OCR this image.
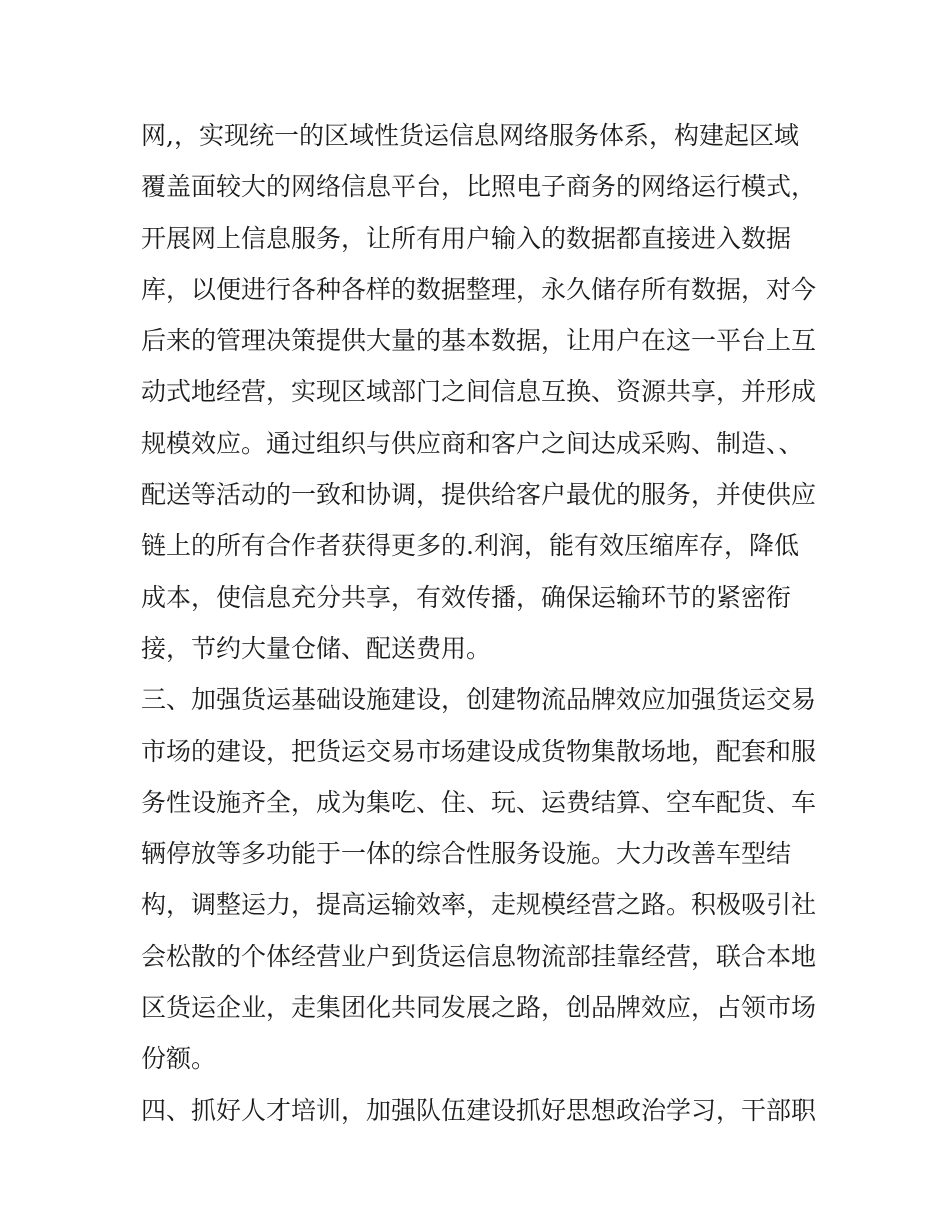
网,，实现统一的区域性货运信息网络服务体系，构建起区域
覆盖面较大的网络信息平台，比照电子商务的网络运行模式，
开展网上信息服务，让所有用户输入的数据都直接进入数据
库，以便进行各种各样的数据整理，永久储存所有数据，对今
后来的管理决策提供大量的基本数据，让用户在这一平台上互
动式地经营，实现区域部门之间信息互换、资源共享，并形成
规模效应。通过组织与供应商和客户之间达成采购、制造、、
配送等活动的一致和协调，提供给客户最优的服务，并使供应
链上的所有合作者获得更多的.利润，能有效压缩库存，降低
成本，使信息充分共享，有效传播，确保运输环节的紧密衔
接，节约大量仓储、配送费用。
三、加强货运基础设施建设，创建物流品牌效应加强货运交易
市场的建设，把货运交易市场建设成货物集散场地，配套和服
务性设施齐全，成为集吃、住、玩、运费结算、空车配货、车
辆停放等多功能于一体的综合性服务设施。大力改善车型结
构，调整运力，提高运输效率，走规模经营之路。积极吸引社
会松散的个体经营业户到货运信息物流部挂靠经营，联合本地
区货运企业，走集团化共同发展之路，创品牌效应，占领市场
份额。
四、抓好人才培训，加强队伍建设抓好思想政治学习，干部职
